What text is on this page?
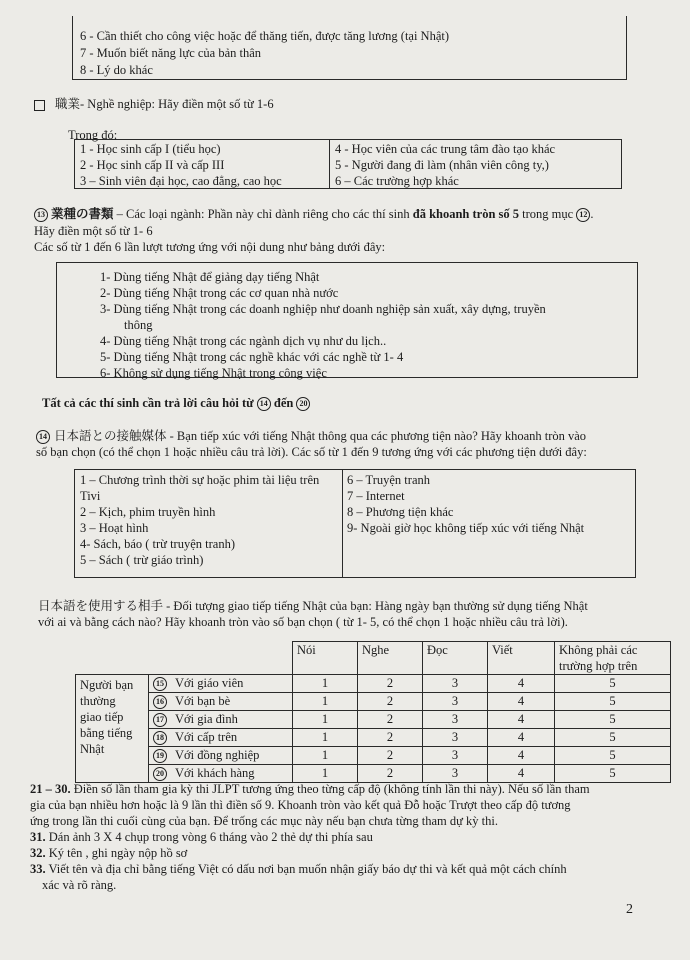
6 - Cần thiết cho công việc hoặc để thăng tiến, được tăng lương (tại Nhật)
7 - Muốn biết năng lực của bản thân
8 - Lý do khác
職業- Nghề nghiệp: Hãy điền một số từ 1-6
Trong đó:
1 - Học sinh cấp I (tiểu học)
2 - Học sinh cấp II và cấp III
3 – Sinh viên đại học, cao đẳng, cao học
4 - Học viên của các trung tâm đào tạo khác
5 - Người đang đi làm (nhân viên công ty,)
6 – Các trường hợp khác
13 業種の書類 – Các loại ngành: Phần này chỉ dành riêng cho các thí sinh đã khoanh tròn số 5 trong mục 12 .
Hãy điền một số từ 1- 6
Các số từ 1 đến 6 lần lượt tương ứng với nội dung như bảng dưới đây:
1- Dùng tiếng Nhật để giảng dạy tiếng Nhật
2- Dùng tiếng Nhật trong các cơ quan nhà nước
3- Dùng tiếng Nhật trong các doanh nghiệp như doanh nghiệp sản xuất, xây dựng, truyền
thông
4- Dùng tiếng Nhật trong các ngành dịch vụ như du lịch..
5- Dùng tiếng Nhật trong các nghề khác với các nghề từ 1- 4
6- Không sử dụng tiếng Nhật trong công việc
Tất cả các thí sinh cần trả lời câu hỏi từ 14 đến 20
14 日本語との接触媒体 - Bạn tiếp xúc với tiếng Nhật thông qua các phương tiện nào? Hãy khoanh tròn vào
số bạn chọn (có thể chọn 1 hoặc nhiều câu trả lời). Các số từ 1 đến 9 tương ứng với các phương tiện dưới đây:
1 – Chương trình thời sự hoặc phim tài liệu trên
Tivi
2 – Kịch, phim truyền hình
3 – Hoạt hình
4- Sách, báo ( trừ truyện tranh)
5 – Sách ( trừ giáo trình)
6 – Truyện tranh
7 – Internet
8 – Phương tiện khác
9- Ngoài giờ học không tiếp xúc với tiếng Nhật
日本語を使用する相手 - Đối tượng giao tiếp tiếng Nhật của bạn: Hàng ngày bạn thường sử dụng tiếng Nhật
với ai và bằng cách nào? Hãy khoanh tròn vào số bạn chọn ( từ 1- 5, có thể chọn 1 hoặc nhiều câu trả lời).
		Nói	Nghe	Đọc	Viết	Không phải các trường hợp trên

Người bạn
thường
giao tiếp
bằng tiếng
Nhật	15 Với giáo viên	1	2	3	4	5
	16 Với bạn bè	1	2	3	4	5
	17 Với gia đình	1	2	3	4	5
	18 Với cấp trên	1	2	3	4	5
	19 Với đồng nghiệp	1	2	3	4	5
	20 Với khách hàng	1	2	3	4	5
21 – 30. Điền số lần tham gia kỳ thi JLPT tương ứng theo từng cấp độ (không tính lần thi này). Nếu số lần tham
gia của bạn nhiều hơn hoặc là 9 lần thì điền số 9. Khoanh tròn vào kết quả Đỗ hoặc Trượt theo cấp độ tương
ứng trong lần thi cuối cùng của bạn. Để trống các mục này nếu bạn chưa từng tham dự kỳ thi.
31. Dán ảnh 3 X 4 chụp trong vòng 6 tháng vào 2 thẻ dự thi phía sau
32. Ký tên , ghi ngày nộp hồ sơ
33. Viết tên và địa chỉ bằng tiếng Việt có dấu nơi bạn muốn nhận giấy báo dự thi và kết quả một cách chính
xác và rõ ràng.
2
